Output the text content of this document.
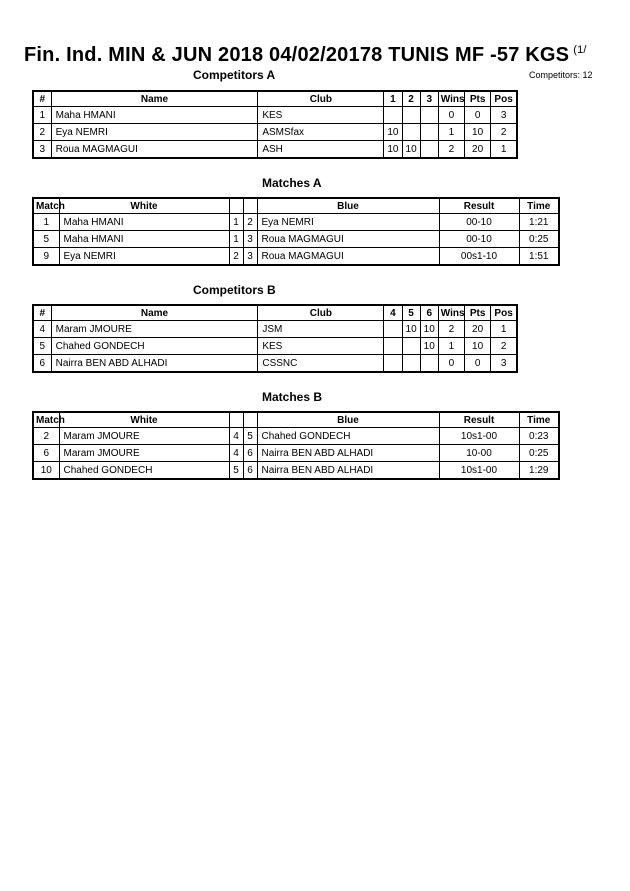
Fin. Ind. MIN & JUN 2018 04/02/20178 TUNIS MF -57 KGS $^{(1/}$
Competitors: 12
Competitors A
#	Name	Club	1	2	3	Wins	Pts	Pos
1	Maha HMANI	KES				0	0	3
2	Eya NEMRI	ASMSfax	10			1	10	2
3	Roua MAGMAGUI	ASH	10	10		2	20	1
Matches A
Match	White			Blue	Result	Time
1	Maha HMANI	1	2	Eya NEMRI	00-10	1:21
5	Maha HMANI	1	3	Roua MAGMAGUI	00-10	0:25
9	Eya NEMRI	2	3	Roua MAGMAGUI	00s1-10	1:51
Competitors B
#	Name	Club	4	5	6	Wins	Pts	Pos
4	Maram JMOURE	JSM		10	10	2	20	1
5	Chahed GONDECH	KES			10	1	10	2
6	Nairra BEN ABD ALHADI	CSSNC				0	0	3
Matches B
Match	White			Blue	Result	Time
2	Maram JMOURE	4	5	Chahed GONDECH	10s1-00	0:23
6	Maram JMOURE	4	6	Nairra BEN ABD ALHADI	10-00	0:25
10	Chahed GONDECH	5	6	Nairra BEN ABD ALHADI	10s1-00	1:29
